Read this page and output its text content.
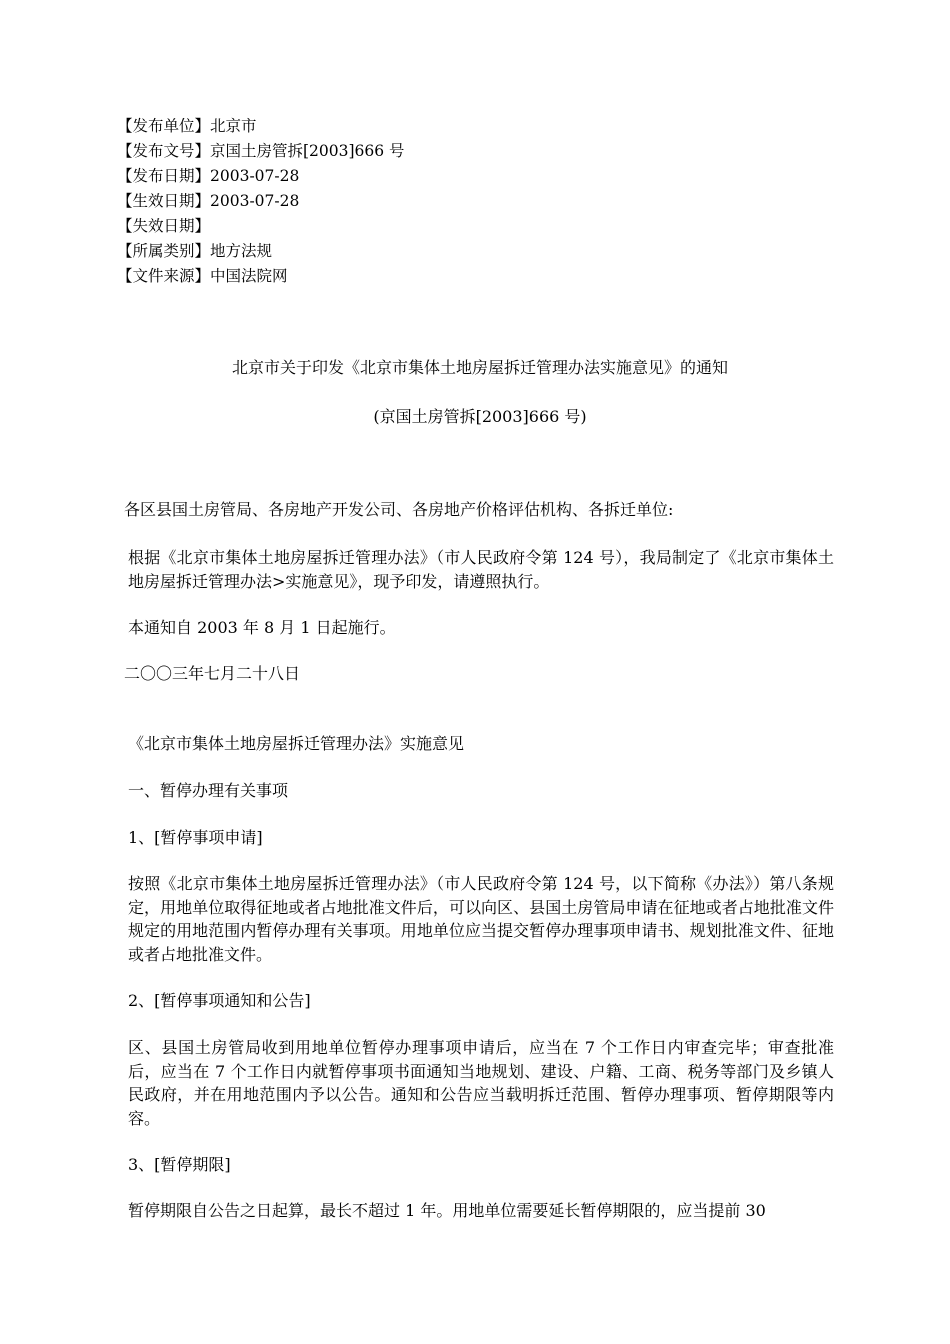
【发布单位】北京市
【发布文号】京国土房管拆[2003]666 号
【发布日期】2003-07-28
【生效日期】2003-07-28
【失效日期】
【所属类别】地方法规
【文件来源】中国法院网
北京市关于印发《北京市集体土地房屋拆迁管理办法实施意见》的通知
(京国土房管拆[2003]666 号)
各区县国土房管局、各房地产开发公司、各房地产价格评估机构、各拆迁单位:
根据《北京市集体土地房屋拆迁管理办法》（市人民政府令第 124 号），我局制定了《北京市集体土地房屋拆迁管理办法>实施意见》，现予印发，请遵照执行。
本通知自 2003 年 8 月 1 日起施行。
二〇〇三年七月二十八日
《北京市集体土地房屋拆迁管理办法》实施意见
一、暂停办理有关事项
1、[暂停事项申请]
按照《北京市集体土地房屋拆迁管理办法》（市人民政府令第 124 号，以下简称《办法》）第八条规定，用地单位取得征地或者占地批准文件后，可以向区、县国土房管局申请在征地或者占地批准文件规定的用地范围内暂停办理有关事项。用地单位应当提交暂停办理事项申请书、规划批准文件、征地或者占地批准文件。
2、[暂停事项通知和公告]
区、县国土房管局收到用地单位暂停办理事项申请后，应当在 7 个工作日内审查完毕；审查批准后，应当在 7 个工作日内就暂停事项书面通知当地规划、建设、户籍、工商、税务等部门及乡镇人民政府，并在用地范围内予以公告。通知和公告应当载明拆迁范围、暂停办理事项、暂停期限等内容。
3、[暂停期限]
暂停期限自公告之日起算，最长不超过 1 年。用地单位需要延长暂停期限的，应当提前 30
